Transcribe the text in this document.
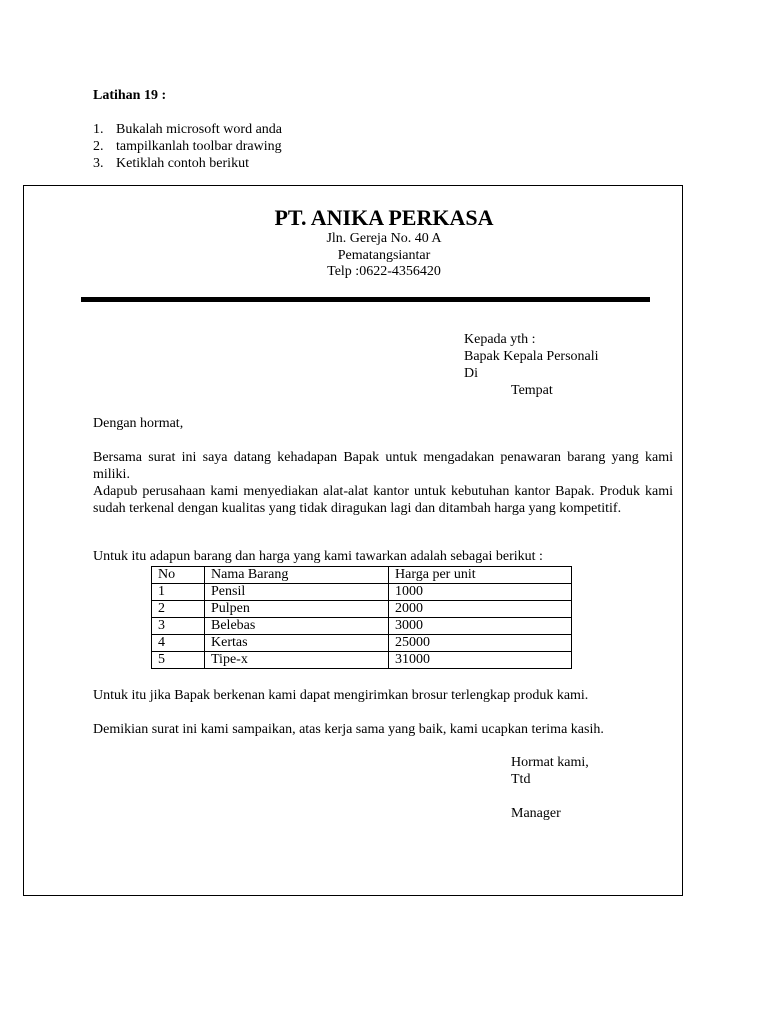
Latihan 19 :
1. Bukalah microsoft word anda
2. tampilkanlah toolbar drawing
3. Ketiklah contoh berikut
PT. ANIKA PERKASA
Jln. Gereja No. 40 A
Pematangsiantar
Telp :0622-4356420
Kepada yth :
Bapak Kepala Personali
Di
Tempat
Dengan hormat,
Bersama surat ini saya datang kehadapan Bapak untuk mengadakan penawaran barang yang kami miliki.
Adapub perusahaan kami menyediakan alat-alat kantor untuk kebutuhan kantor Bapak. Produk kami sudah terkenal dengan kualitas yang tidak diragukan lagi dan ditambah harga yang kompetitif.
Untuk itu adapun barang dan harga yang kami tawarkan adalah sebagai berikut :
No	Nama Barang	Harga per unit
1	Pensil	1000
2	Pulpen	2000
3	Belebas	3000
4	Kertas	25000
5	Tipe-x	31000
Untuk itu jika Bapak berkenan kami dapat mengirimkan brosur terlengkap produk kami.
Demikian surat ini kami sampaikan, atas kerja sama yang baik, kami ucapkan terima kasih.
Hormat kami,
Ttd
Manager
